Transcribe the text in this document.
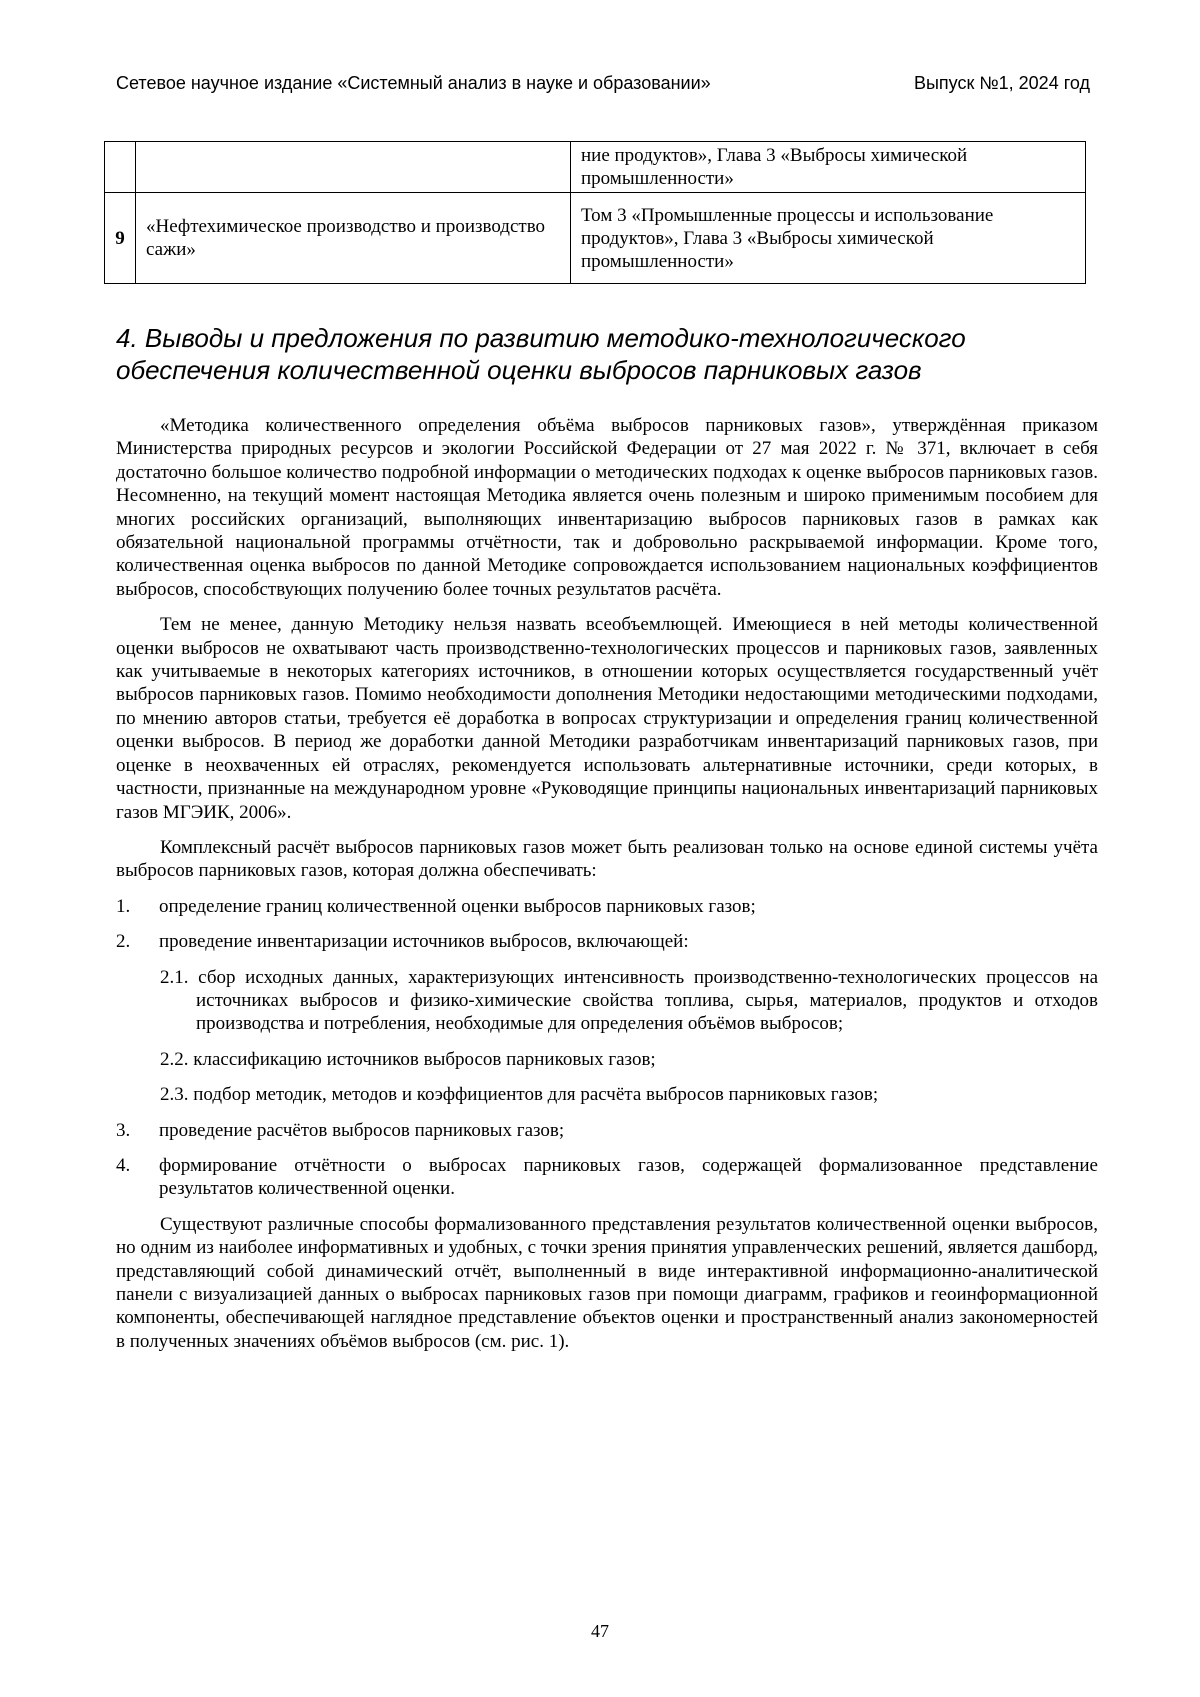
Сетевое научное издание «Системный анализ в науке и образовании»	Выпуск №1, 2024 год
		ние продуктов», Глава 3 «Выбросы химической промышленности»
9	«Нефтехимическое производство и производство сажи»	Том 3 «Промышленные процессы и использование продуктов», Глава 3 «Выбросы химической промышленности»
4. Выводы и предложения по развитию методико-технологического обеспечения количественной оценки выбросов парниковых газов

«Методика количественного определения объёма выбросов парниковых газов», утверждённая приказом Министерства природных ресурсов и экологии Российской Федерации от 27 мая 2022 г. № 371, включает в себя достаточно большое количество подробной информации о методических подходах к оценке выбросов парниковых газов. Несомненно, на текущий момент настоящая Методика является очень полезным и широко применимым пособием для многих российских организаций, выполняющих инвентаризацию выбросов парниковых газов в рамках как обязательной национальной программы отчётности, так и добровольно раскрываемой информации. Кроме того, количественная оценка выбросов по данной Методике сопровождается использованием национальных коэффициентов выбросов, способствующих получению более точных результатов расчёта.

Тем не менее, данную Методику нельзя назвать всеобъемлющей. Имеющиеся в ней методы количественной оценки выбросов не охватывают часть производственно-технологических процессов и парниковых газов, заявленных как учитываемые в некоторых категориях источников, в отношении которых осуществляется государственный учёт выбросов парниковых газов. Помимо необходимости дополнения Методики недостающими методическими подходами, по мнению авторов статьи, требуется её доработка в вопросах структуризации и определения границ количественной оценки выбросов. В период же доработки данной Методики разработчикам инвентаризаций парниковых газов, при оценке в неохваченных ей отраслях, рекомендуется использовать альтернативные источники, среди которых, в частности, признанные на международном уровне «Руководящие принципы национальных инвентаризаций парниковых газов МГЭИК, 2006».

Комплексный расчёт выбросов парниковых газов может быть реализован только на основе единой системы учёта выбросов парниковых газов, которая должна обеспечивать:

1.	определение границ количественной оценки выбросов парниковых газов;
2.	проведение инвентаризации источников выбросов, включающей:
2.1. сбор исходных данных, характеризующих интенсивность производственно-технологических процессов на источниках выбросов и физико-химические свойства топлива, сырья, материалов, продуктов и отходов производства и потребления, необходимые для определения объёмов выбросов;
2.2. классификацию источников выбросов парниковых газов;
2.3. подбор методик, методов и коэффициентов для расчёта выбросов парниковых газов;
3.	проведение расчётов выбросов парниковых газов;
4.	формирование отчётности о выбросах парниковых газов, содержащей формализованное представление результатов количественной оценки.

Существуют различные способы формализованного представления результатов количественной оценки выбросов, но одним из наиболее информативных и удобных, с точки зрения принятия управленческих решений, является дашборд, представляющий собой динамический отчёт, выполненный в виде интерактивной информационно-аналитической панели с визуализацией данных о выбросах парниковых газов при помощи диаграмм, графиков и геоинформационной компоненты, обеспечивающей наглядное представление объектов оценки и пространственный анализ закономерностей в полученных значениях объёмов выбросов (см. рис. 1).

47
